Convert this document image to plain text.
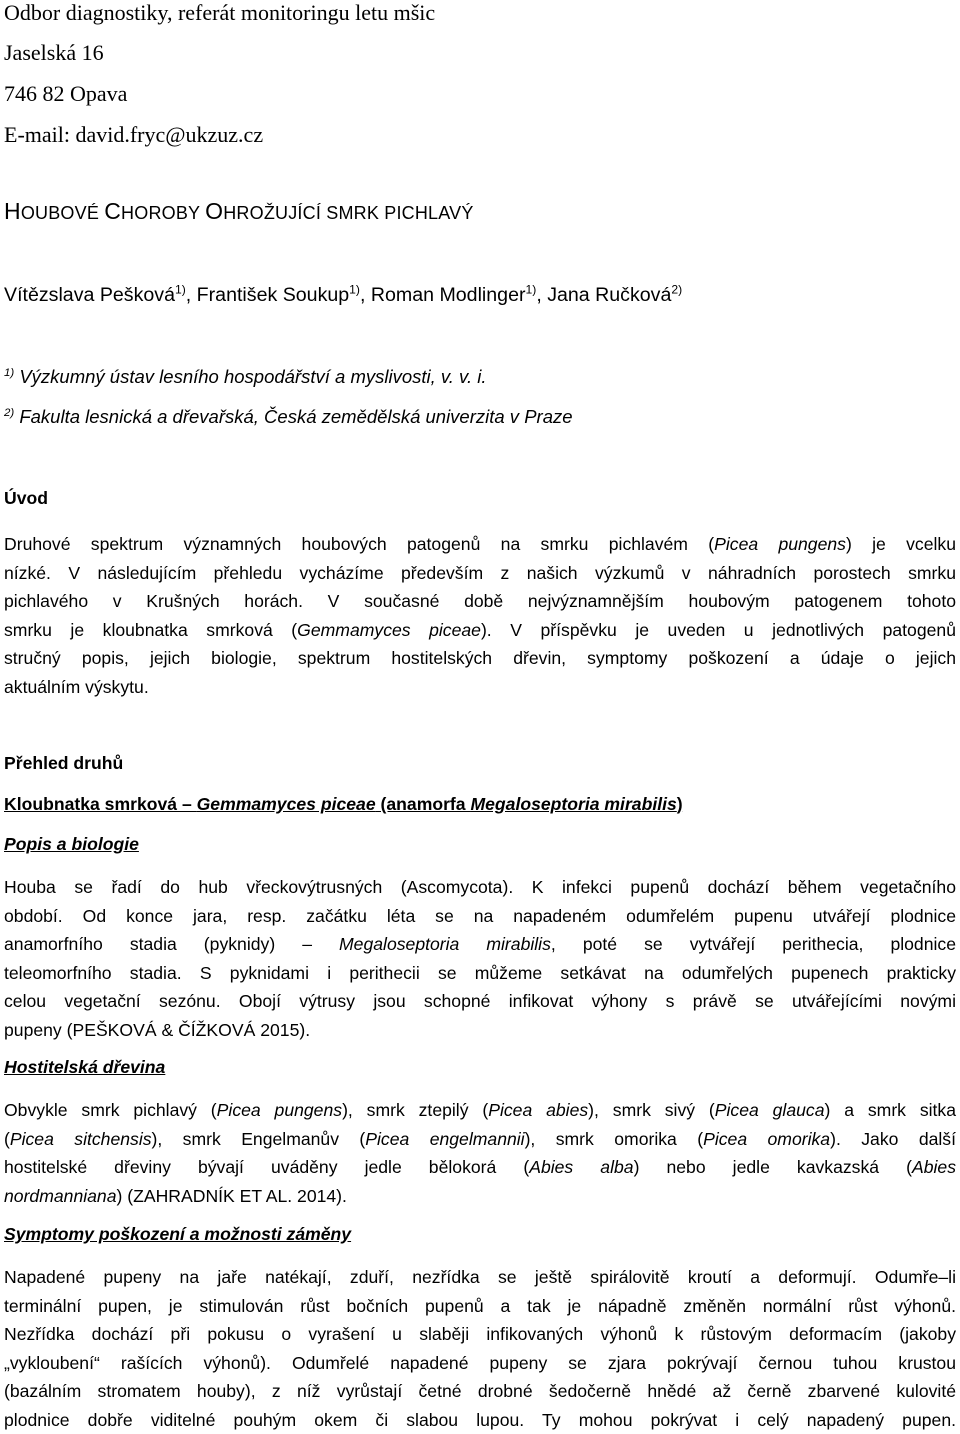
Odbor diagnostiky, referát monitoringu letu mšic
Jaselská 16
746 82 Opava
E-mail: david.fryc@ukzuz.cz
HOUBOVÉ CHOROBY OHROŽUJÍCÍ SMRK PICHLAVÝ
Vítězslava Pešková$^{1)}$, František Soukup$^{1)}$, Roman Modlinger$^{1)}$, Jana Ručková$^{2)}$
$^{1)}$ Výzkumný ústav lesního hospodářství a myslivosti, v. v. i.
$^{2)}$ Fakulta lesnická a dřevařská, Česká zemědělská univerzita v Praze
Úvod
Druhové spektrum významných houbových patogenů na smrku pichlavém (Picea pungens) je vcelku
nízké. V následujícím přehledu vycházíme především z našich výzkumů v náhradních porostech smrku
pichlavého v Krušných horách. V současné době nejvýznamnějším houbovým patogenem tohoto
smrku je kloubnatka smrková (Gemmamyces piceae). V příspěvku je uveden u jednotlivých patogenů
stručný popis, jejich biologie, spektrum hostitelských dřevin, symptomy poškození a údaje o jejich
aktuálním výskytu.
Přehled druhů
Kloubnatka smrková – Gemmamyces piceae (anamorfa Megaloseptoria mirabilis)
Popis a biologie
Houba se řadí do hub vřeckovýtrusných (Ascomycota). K infekci pupenů dochází během vegetačního
období. Od konce jara, resp. začátku léta se na napadeném odumřelém pupenu utvářejí plodnice
anamorfního stadia (pyknidy) – Megaloseptoria mirabilis, poté se vytvářejí perithecia, plodnice
teleomorfního stadia. S pyknidami i perithecii se můžeme setkávat na odumřelých pupenech prakticky
celou vegetační sezónu. Obojí výtrusy jsou schopné infikovat výhony s právě se utvářejícími novými
pupeny (PEŠKOVÁ & ČÍŽKOVÁ 2015).
Hostitelská dřevina
Obvykle smrk pichlavý (Picea pungens), smrk ztepilý (Picea abies), smrk sivý (Picea glauca) a smrk sitka
(Picea sitchensis), smrk Engelmanův (Picea engelmannii), smrk omorika (Picea omorika). Jako další
hostitelské dřeviny bývají uváděny jedle bělokorá (Abies alba) nebo jedle kavkazská (Abies
nordmanniana) (ZAHRADNÍK ET AL. 2014).
Symptomy poškození a možnosti záměny
Napadené pupeny na jaře natékají, zduří, nezřídka se ještě spirálovitě kroutí a deformují. Odumře–li
terminální pupen, je stimulován růst bočních pupenů a tak je nápadně změněn normální růst výhonů.
Nezřídka dochází při pokusu o vyrašení u slaběji infikovaných výhonů k růstovým deformacím (jakoby
„vykloubení“ rašících výhonů). Odumřelé napadené pupeny se zjara pokrývají černou tuhou krustou
(bazálním stromatem houby), z níž vyrůstají četné drobné šedočerně hnědé až černě zbarvené kulovité
plodnice dobře viditelné pouhým okem či slabou lupou. Ty mohou pokrývat i celý napadený pupen.
